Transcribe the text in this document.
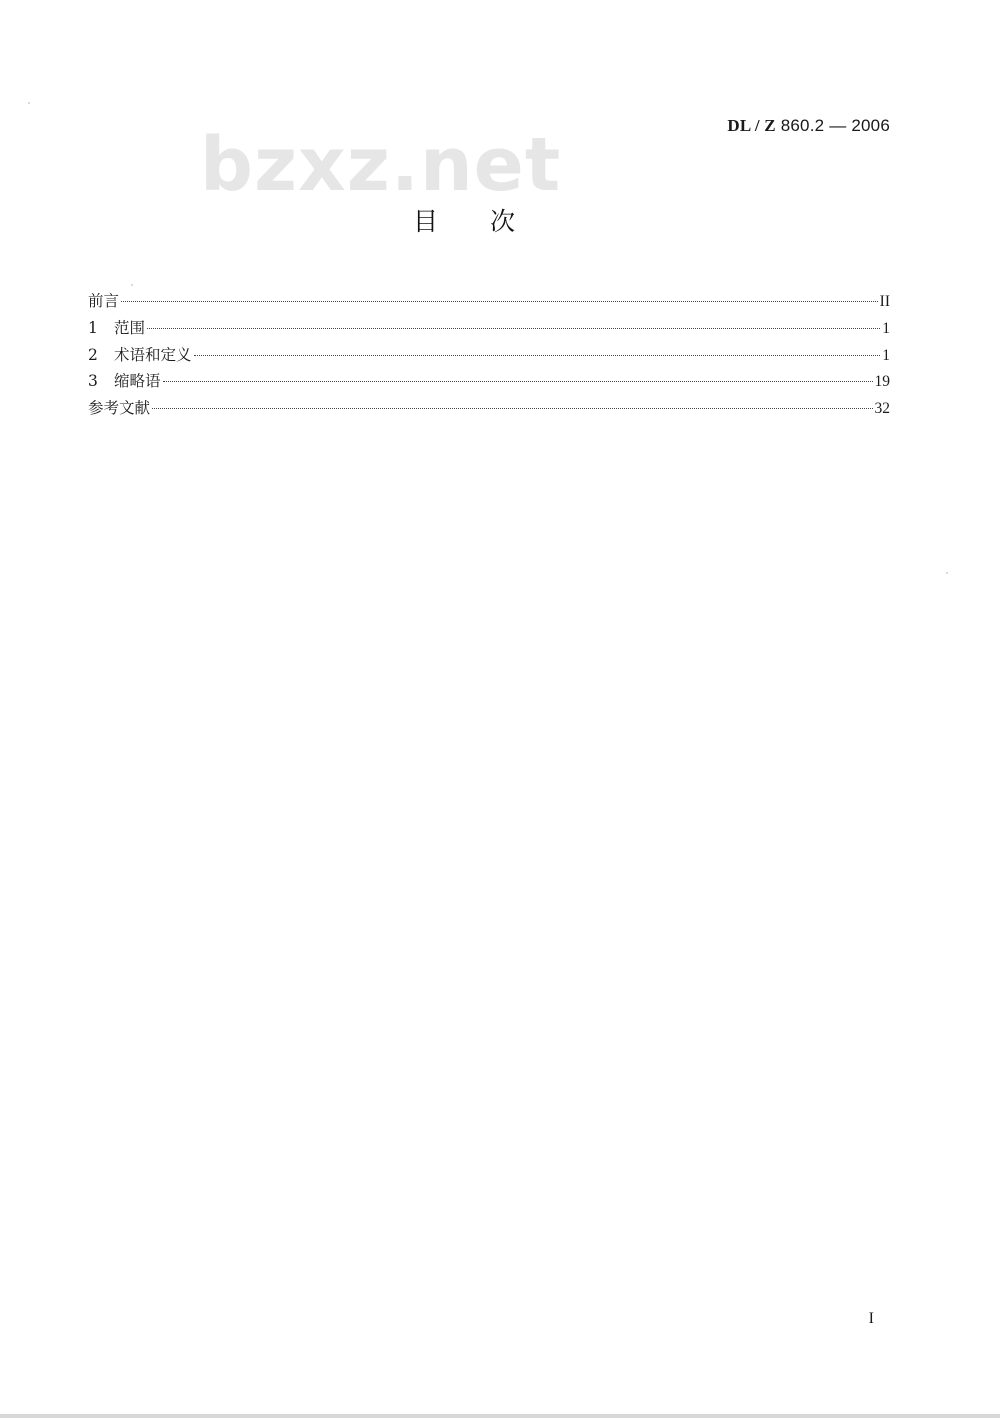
DL / Z 860.2 — 2006
bzxz.net
目次
前言	II
1	范围	1
2	术语和定义	1
3	缩略语	19
参考文献	32
I
